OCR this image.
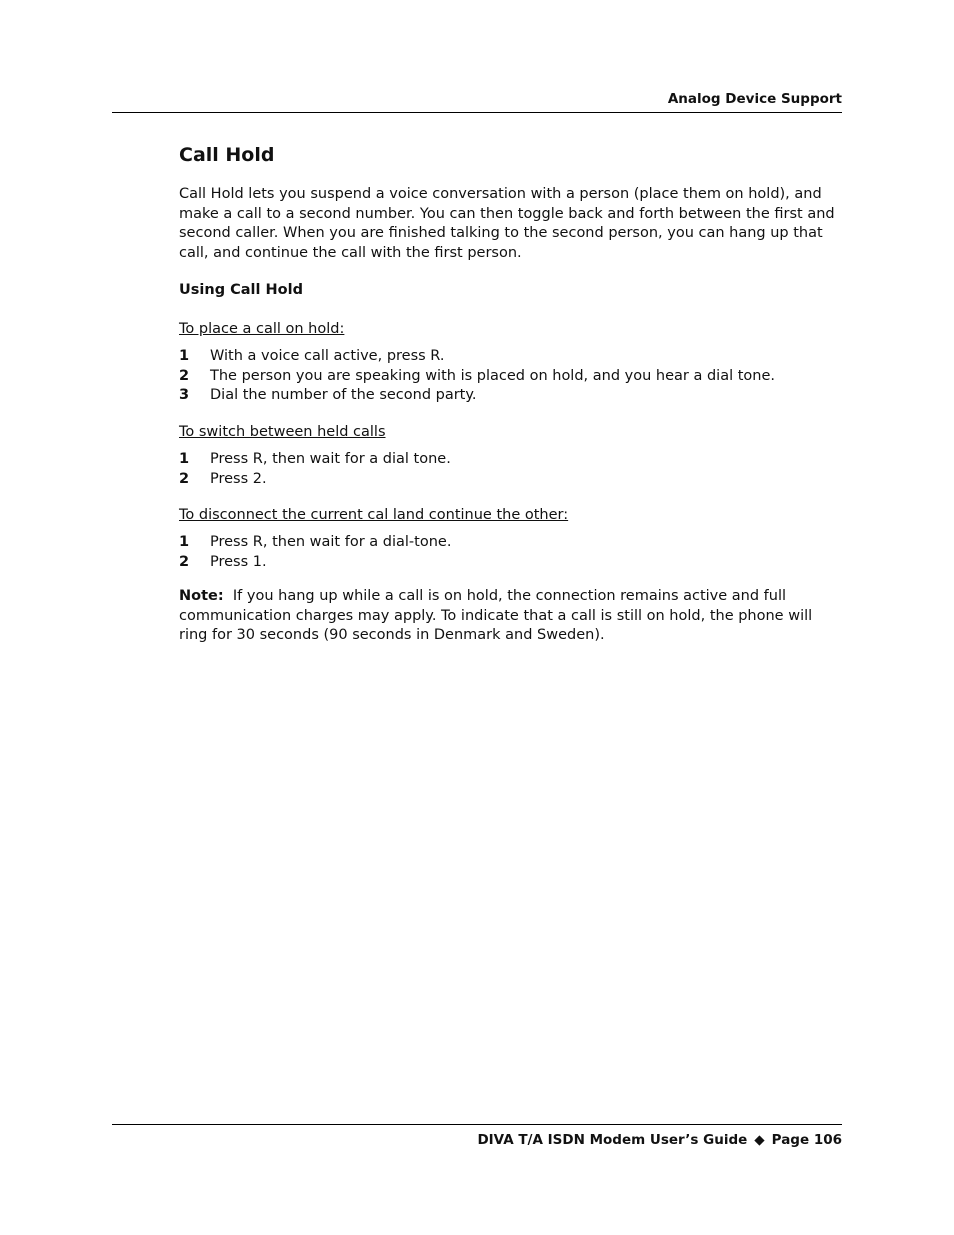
Analog Device Support
Call Hold

Call Hold lets you suspend a voice conversation with a person (place them on hold), and make a call to a second number. You can then toggle back and forth between the first and second caller. When you are finished talking to the second person, you can hang up that call, and continue the call with the first person.

Using Call Hold

To place a call on hold:

1	With a voice call active, press R.
2	The person you are speaking with is placed on hold, and you hear a dial tone.
3	Dial the number of the second party.

To switch between held calls

1	Press R, then wait for a dial tone.
2	Press 2.

To disconnect the current cal land continue the other:

1	Press R, then wait for a dial-tone.
2	Press 1.

Note: If you hang up while a call is on hold, the connection remains active and full communication charges may apply. To indicate that a call is still on hold, the phone will ring for 30 seconds (90 seconds in Denmark and Sweden).

DIVA T/A ISDN Modem User’s Guide ◆ Page 106
